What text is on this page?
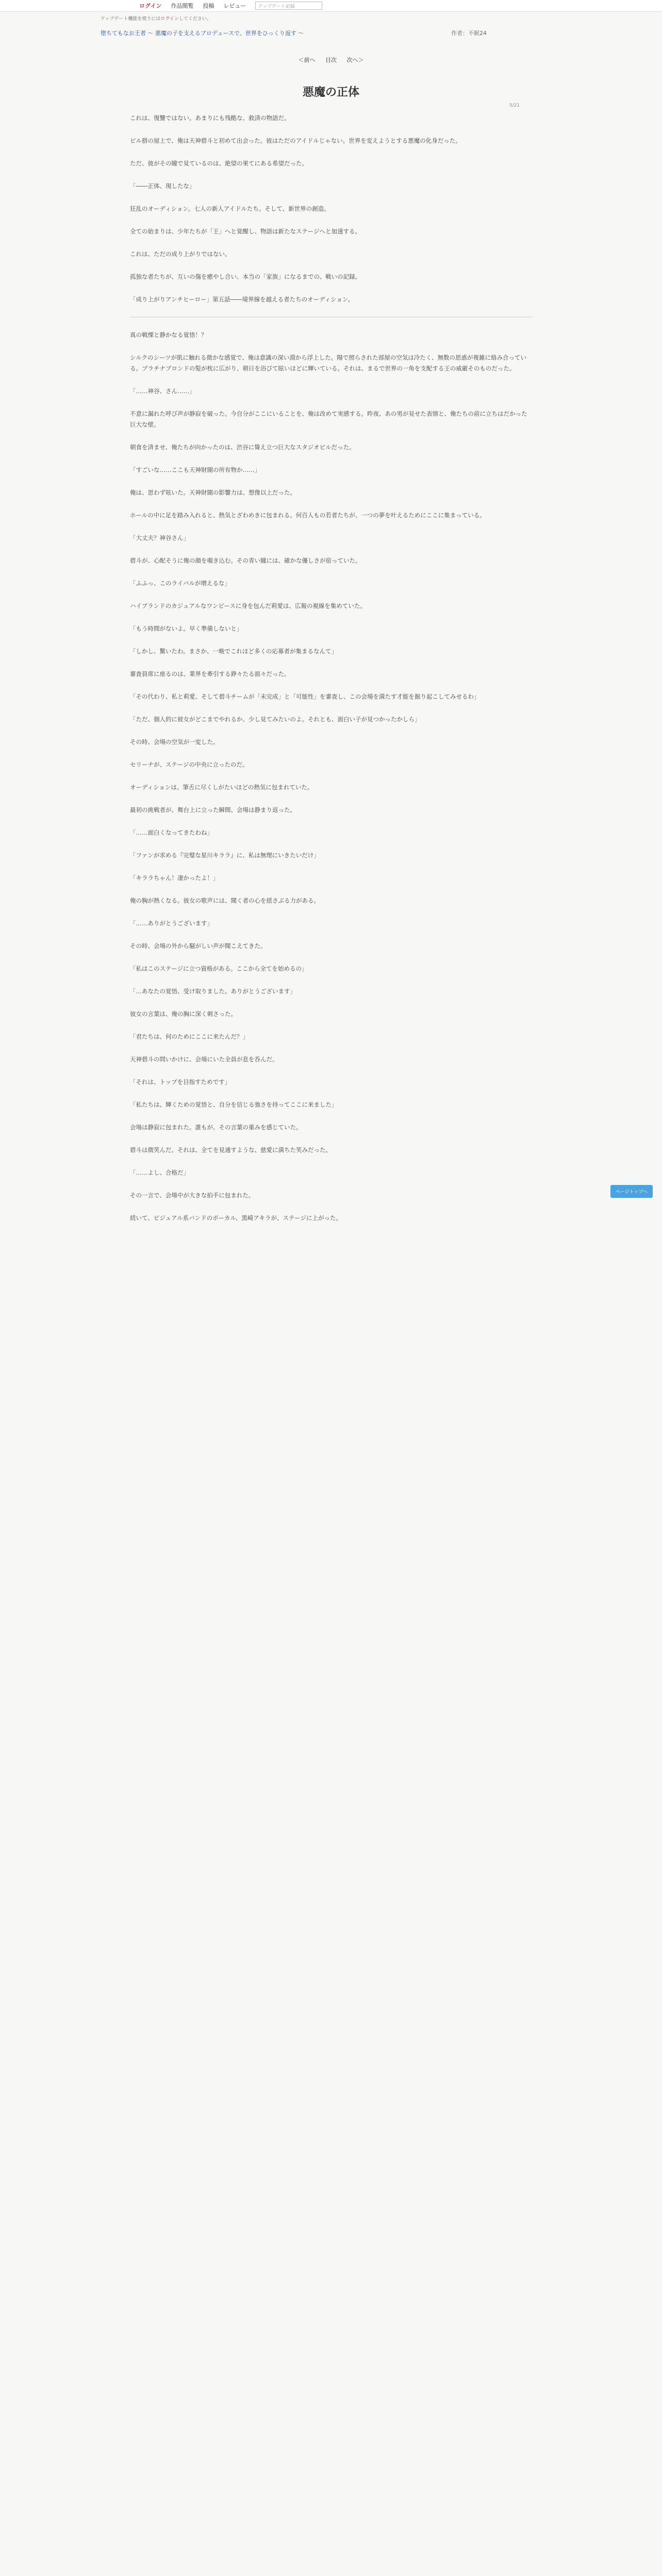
ログイン 作品閲覧 投稿 レビュー	アップデート記録
アップデート機能を使うにはログインしてください。
堕ちてもなお王者 ～ 悪魔の子を支えるプロデュースで、世界をひっくり返す ～	作者：不眠24
＜前へ 目次 次へ＞
5/21
悪魔の正体

これは、復讐ではない。あまりにも残酷な、救済の物語だ。

ビル群の屋上で、俺は天神碧斗と初めて出会った。彼はただのアイドルじゃない。世界を変えようとする悪魔の化身だった。

ただ、彼がその瞳で見ているのは、絶望の果てにある希望だった。

「――正体、現したな」

狂乱のオーディション。七人の新人アイドルたち。そして、新世界の創造。

全ての始まりは、少年たちが「王」へと覚醒し、物語は新たなステージへと加速する。

これは、ただの成り上がりではない。

孤独な者たちが、互いの傷を癒やし合い、本当の「家族」になるまでの、戦いの記録。

「成り上がりアンチヒーロー」第五話――境界線を越える者たちのオーディション。

真の戦慄と静かなる覚悟！？

シルクのシーツが肌に触れる微かな感覚で、俺は意識の深い淵から浮上した。陽で照らされた部屋の空気は冷たく、無数の思惑が複雑に絡み合っている。プラチナブロンドの髪が枕に広がり、朝日を浴びて眩いほどに輝いている。それは、まるで世界の一角を支配する王の威厳そのものだった。

「……神谷、さん……」

不意に漏れた呼び声が静寂を破った。今自分がここにいることを、俺は改めて実感する。昨夜、あの男が見せた表情と、俺たちの前に立ちはだかった巨大な壁。

朝食を済ませ、俺たちが向かったのは、渋谷に聳え立つ巨大なスタジオビルだった。

「すごいな……ここも天神財閥の所有物か……」

俺は、思わず呟いた。天神財閥の影響力は、想像以上だった。

ホールの中に足を踏み入れると、熱気とざわめきに包まれる。何百人もの若者たちが、一つの夢を叶えるためにここに集まっている。

「大丈夫？神谷さん」

碧斗が、心配そうに俺の顔を覗き込む。その青い瞳には、確かな優しさが宿っていた。

「ふふっ、このライバルが増えるな」

ハイブランドのカジュアルなワンピースに身を包んだ莉愛は、広報の視線を集めていた。

「もう時間がないよ。早く準備しないと」

「しかし、驚いたわ。まさか、一晩でこれほど多くの応募者が集まるなんて」

審査員席に座るのは、業界を牽引する錚々たる面々だった。

「その代わり、私と莉愛、そして碧斗チームが「未完成」と「可能性」を審査し、この会場を満たす才能を掘り起こしてみせるわ」

「ただ、個人的に彼女がどこまでやれるか、少し見てみたいのよ。それとも、面白い子が見つかったかしら」

その時、会場の空気が一変した。

セリーナが、ステージの中央に立ったのだ。

オーディションは、筆舌に尽くしがたいほどの熱気に包まれていた。

最初の挑戦者が、舞台上に立った瞬間、会場は静まり返った。

「……面白くなってきたわね」

「ファンが求める『完璧な星川キララ』に、私は無理にいきたいだけ」

「キララちゃん！凄かったよ！」

俺の胸が熱くなる。彼女の歌声には、聞く者の心を揺さぶる力がある。

「……ありがとうございます」

その時、会場の外から騒がしい声が聞こえてきた。

「私はこのステージに立つ資格がある。ここから全てを始めるの」

「…あなたの覚悟、受け取りました。ありがとうございます」

彼女の言葉は、俺の胸に深く刺さった。

「君たちは、何のためにここに来たんだ？」

天神碧斗の問いかけに、会場にいた全員が息を呑んだ。

「それは、トップを目指すためです」

「私たちは、輝くための覚悟と、自分を信じる強さを持ってここに来ました」

会場は静寂に包まれた。誰もが、その言葉の重みを感じていた。

碧斗は微笑んだ。それは、全てを見通すような、慈愛に満ちた笑みだった。

「……よし、合格だ」

その一言で、会場中が大きな拍手に包まれた。

続いて、ビジュアル系バンドのボーカル、黒崎アキラが、ステージに上がった。

ページトップへ
